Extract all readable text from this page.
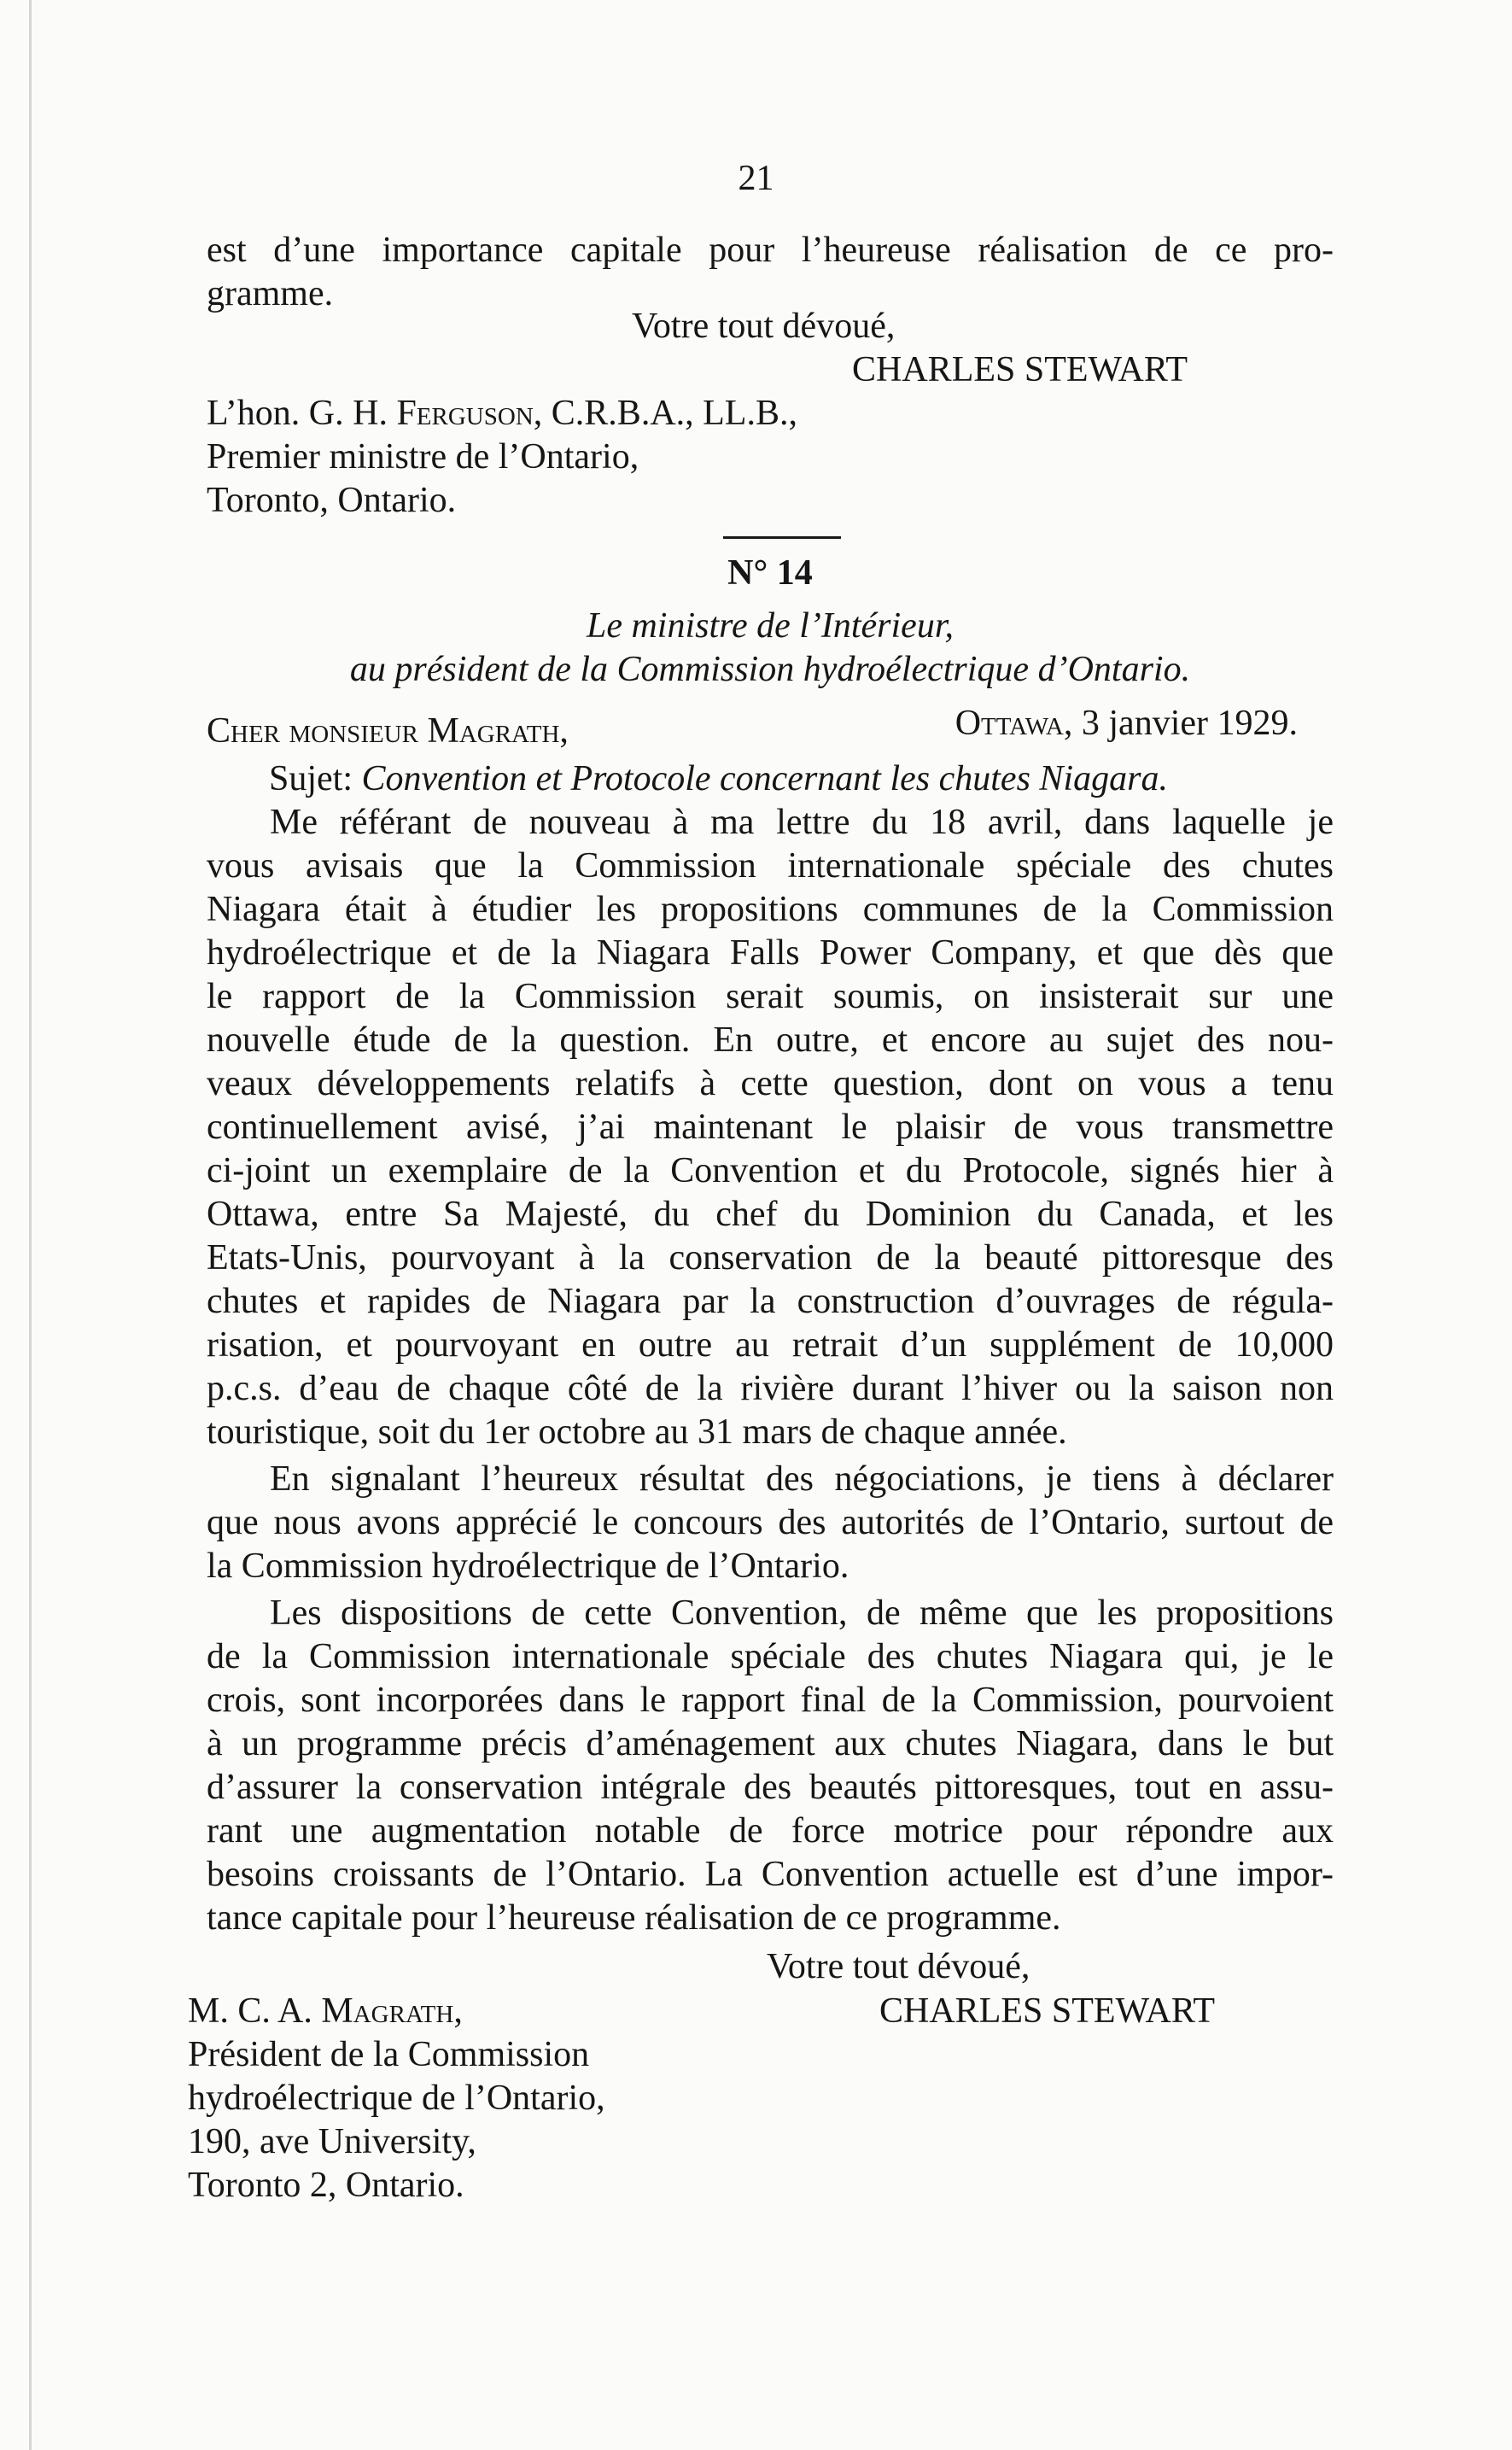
21

est d’une importance capitale pour l’heureuse réalisation de ce pro-

gramme.

Votre tout dévoué,
CHARLES STEWART

L’hon. G. H. Ferguson, C.R.B.A., LL.B.,

Premier ministre de l’Ontario,

Toronto, Ontario.

N° 14
Le ministre de l’Intérieur,
au président de la Commission hydroélectrique d’Ontario.
Cher monsieur Magrath,	Ottawa, 3 janvier 1929.
Sujet: Convention et Protocole concernant les chutes Niagara.

Me référant de nouveau à ma lettre du 18 avril, dans laquelle je

vous avisais que la Commission internationale spéciale des chutes

Niagara était à étudier les propositions communes de la Commission

hydroélectrique et de la Niagara Falls Power Company, et que dès que

le rapport de la Commission serait soumis, on insisterait sur une

nouvelle étude de la question. En outre, et encore au sujet des nou-

veaux développements relatifs à cette question, dont on vous a tenu

continuellement avisé, j’ai maintenant le plaisir de vous transmettre

ci-joint un exemplaire de la Convention et du Protocole, signés hier à

Ottawa, entre Sa Majesté, du chef du Dominion du Canada, et les

Etats-Unis, pourvoyant à la conservation de la beauté pittoresque des

chutes et rapides de Niagara par la construction d’ouvrages de régula-

risation, et pourvoyant en outre au retrait d’un supplément de 10,000

p.c.s. d’eau de chaque côté de la rivière durant l’hiver ou la saison non

touristique, soit du 1er octobre au 31 mars de chaque année.

En signalant l’heureux résultat des négociations, je tiens à déclarer

que nous avons apprécié le concours des autorités de l’Ontario, surtout de

la Commission hydroélectrique de l’Ontario.

Les dispositions de cette Convention, de même que les propositions

de la Commission internationale spéciale des chutes Niagara qui, je le

crois, sont incorporées dans le rapport final de la Commission, pourvoient

à un programme précis d’aménagement aux chutes Niagara, dans le but

d’assurer la conservation intégrale des beautés pittoresques, tout en assu-

rant une augmentation notable de force motrice pour répondre aux

besoins croissants de l’Ontario. La Convention actuelle est d’une impor-

tance capitale pour l’heureuse réalisation de ce programme.

Votre tout dévoué,

M. C. A. Magrath,

Président de la Commission

hydroélectrique de l’Ontario,

190, ave University,

Toronto 2, Ontario.

CHARLES STEWART
